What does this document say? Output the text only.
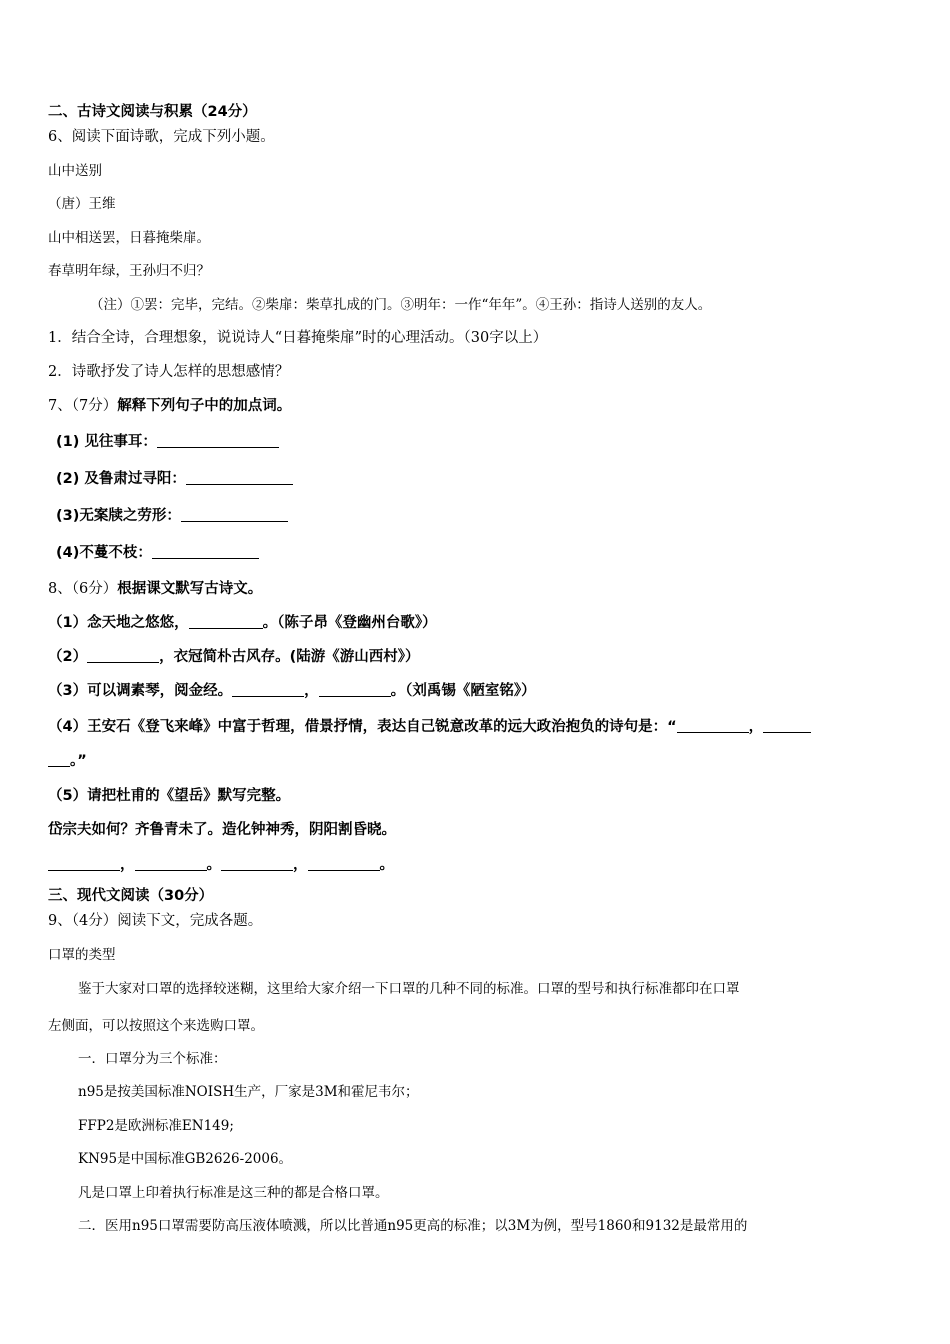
二、古诗文阅读与积累（24分）
6、阅读下面诗歌，完成下列小题。
山中送别
（唐）王维
山中相送罢，日暮掩柴扉。
春草明年绿，王孙归不归？
（注）①罢：完毕，完结。②柴扉：柴草扎成的门。③明年：一作“年年”。④王孙：指诗人送别的友人。
1．结合全诗，合理想象，说说诗人“日暮掩柴扉”时的心理活动。（30字以上）
2．诗歌抒发了诗人怎样的思想感情？
7、（7分）解释下列句子中的加点词。
(1) 见往事耳：
(2) 及鲁肃过寻阳：
(3)无案牍之劳形：
(4)不蔓不枝：
8、（6分）根据课文默写古诗文。
（1）念天地之悠悠，	。（陈子昂《登幽州台歌》）
（2）	，衣冠简朴古风存。(陆游《游山西村》）
（3）可以调素琴，阅金经。	，	。（刘禹锡《陋室铭》）
（4）王安石《登飞来峰》中富于哲理，借景抒情，表达自己锐意改革的远大政治抱负的诗句是：“	，
。”
（5）请把杜甫的《望岳》默写完整。
岱宗夫如何？齐鲁青未了。造化钟神秀，阴阳割昏晓。
，	。	，	。
三、现代文阅读（30分）
9、（4分）阅读下文，完成各题。
口罩的类型
鉴于大家对口罩的选择较迷糊，这里给大家介绍一下口罩的几种不同的标准。口罩的型号和执行标准都印在口罩
左侧面，可以按照这个来选购口罩。
一．口罩分为三个标准：
n95是按美国标准NOISH生产，厂家是3M和霍尼韦尔；
FFP2是欧洲标准EN149;
KN95是中国标准GB2626-2006。
凡是口罩上印着执行标准是这三种的都是合格口罩。
二．医用n95口罩需要防高压液体喷溅，所以比普通n95更高的标准；以3M为例，型号1860和9132是最常用的
